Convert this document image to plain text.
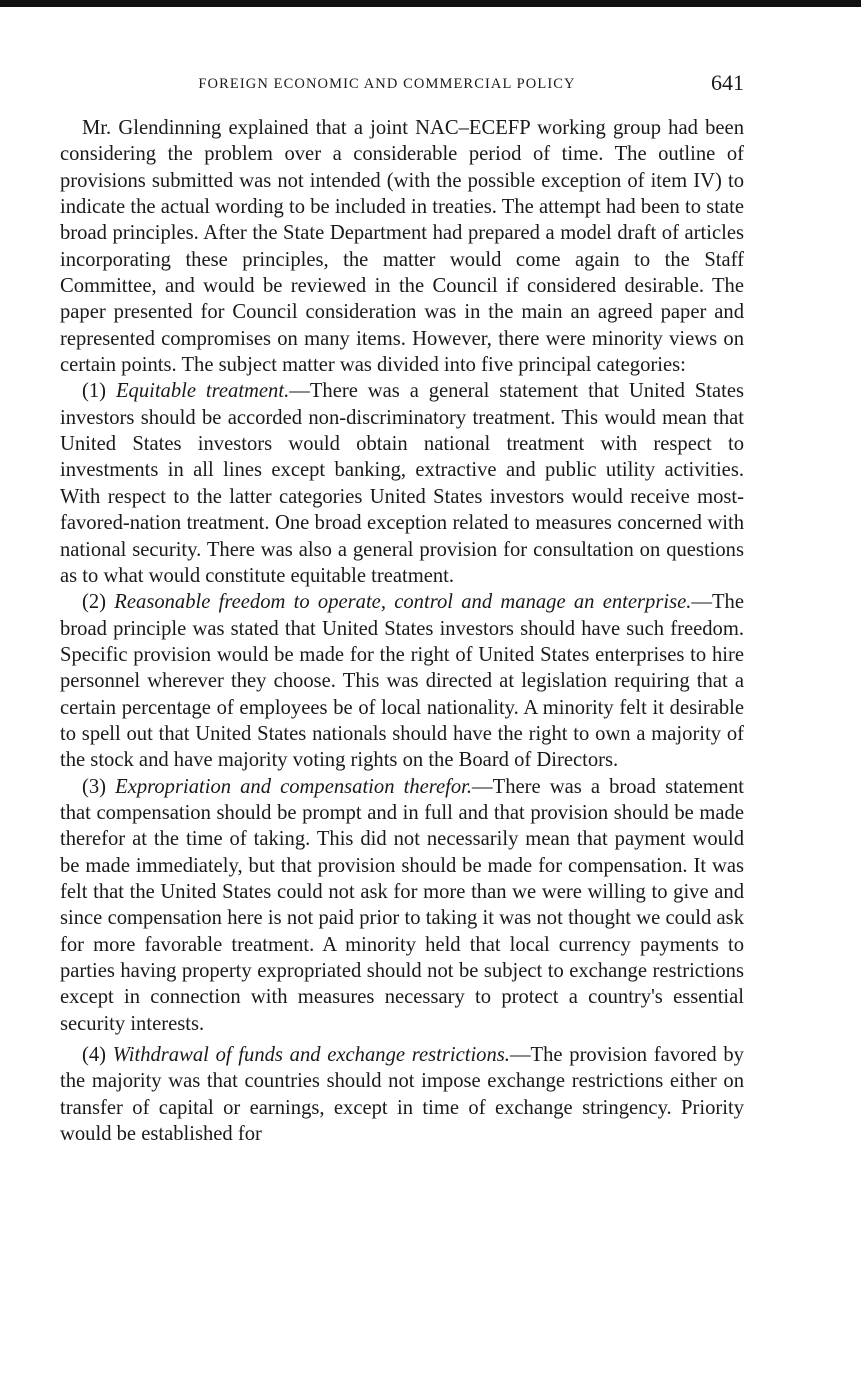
FOREIGN ECONOMIC AND COMMERCIAL POLICY	641

Mr. Glendinning explained that a joint NAC–ECEFP working group had been considering the problem over a considerable period of time. The outline of provisions submitted was not intended (with the possible exception of item IV) to indicate the actual wording to be included in treaties. The attempt had been to state broad principles. After the State Department had prepared a model draft of articles incorporating these principles, the matter would come again to the Staff Committee, and would be reviewed in the Council if considered desirable. The paper presented for Council consideration was in the main an agreed paper and represented compromises on many items. However, there were minority views on certain points. The subject matter was divided into five principal categories:

(1) Equitable treatment.—There was a general statement that United States investors should be accorded non-discriminatory treatment. This would mean that United States investors would obtain national treatment with respect to investments in all lines except banking, extractive and public utility activities. With respect to the latter categories United States investors would receive most-favored-nation treatment. One broad exception related to measures concerned with national security. There was also a general provision for consultation on questions as to what would constitute equitable treatment.

(2) Reasonable freedom to operate, control and manage an enterprise.—The broad principle was stated that United States investors should have such freedom. Specific provision would be made for the right of United States enterprises to hire personnel wherever they choose. This was directed at legislation requiring that a certain percentage of employees be of local nationality. A minority felt it desirable to spell out that United States nationals should have the right to own a majority of the stock and have majority voting rights on the Board of Directors.

(3) Expropriation and compensation therefor.—There was a broad statement that compensation should be prompt and in full and that provision should be made therefor at the time of taking. This did not necessarily mean that payment would be made immediately, but that provision should be made for compensation. It was felt that the United States could not ask for more than we were willing to give and since compensation here is not paid prior to taking it was not thought we could ask for more favorable treatment. A minority held that local currency payments to parties having property expropriated should not be subject to exchange restrictions except in connection with measures necessary to protect a country's essential security interests.

(4) Withdrawal of funds and exchange restrictions.—The provision favored by the majority was that countries should not impose exchange restrictions either on transfer of capital or earnings, except in time of exchange stringency. Priority would be established for
